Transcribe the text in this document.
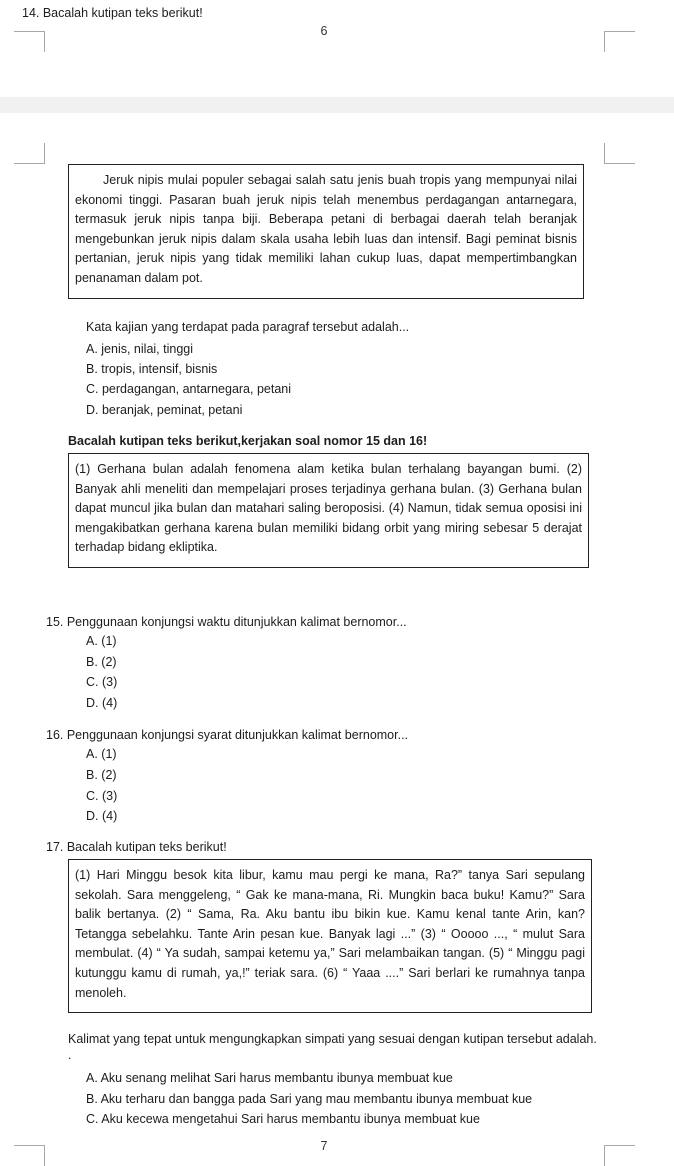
14. Bacalah kutipan teks berikut!
6
Jeruk nipis mulai populer sebagai salah satu jenis buah tropis yang mempunyai nilai ekonomi tinggi. Pasaran buah jeruk nipis telah menembus perdagangan antarnegara, termasuk jeruk nipis tanpa biji. Beberapa petani di berbagai daerah telah beranjak mengebunkan jeruk nipis dalam skala usaha lebih luas dan intensif. Bagi peminat bisnis pertanian, jeruk nipis yang tidak memiliki lahan cukup luas, dapat mempertimbangkan penanaman dalam pot.
Kata kajian yang terdapat pada paragraf tersebut adalah...
A. jenis, nilai, tinggi
B. tropis, intensif, bisnis
C. perdagangan, antarnegara, petani
D. beranjak, peminat, petani
Bacalah kutipan teks berikut,kerjakan soal nomor 15 dan 16!
(1) Gerhana bulan adalah fenomena alam ketika bulan terhalang bayangan bumi. (2) Banyak ahli meneliti dan mempelajari proses terjadinya gerhana bulan. (3) Gerhana bulan dapat muncul jika bulan dan matahari saling beroposisi. (4) Namun, tidak semua oposisi ini mengakibatkan gerhana karena bulan memiliki bidang orbit yang miring sebesar 5 derajat terhadap bidang ekliptika.
15. Penggunaan konjungsi waktu ditunjukkan kalimat bernomor...
A. (1)
B. (2)
C. (3)
D. (4)
16. Penggunaan konjungsi syarat ditunjukkan kalimat bernomor...
A. (1)
B. (2)
C. (3)
D. (4)
17. Bacalah kutipan teks berikut!
(1) Hari Minggu besok kita libur, kamu mau pergi ke mana, Ra?” tanya Sari sepulang sekolah. Sara menggeleng, “ Gak ke mana-mana, Ri. Mungkin baca buku! Kamu?” Sara balik bertanya. (2) “ Sama, Ra. Aku bantu ibu bikin kue. Kamu kenal tante Arin, kan? Tetangga sebelahku. Tante Arin pesan kue. Banyak lagi ...” (3) “ Ooooo ..., “ mulut Sara membulat. (4) “ Ya sudah, sampai ketemu ya,” Sari melambaikan tangan. (5) “ Minggu pagi kutunggu kamu di rumah, ya,!” teriak sara. (6) “ Yaaa ....” Sari berlari ke rumahnya tanpa menoleh.
Kalimat yang tepat untuk mengungkapkan simpati yang sesuai dengan kutipan tersebut adalah.
.
A. Aku senang melihat Sari harus membantu ibunya membuat kue
B. Aku terharu dan bangga pada Sari yang mau membantu ibunya membuat kue
C. Aku kecewa mengetahui Sari harus membantu ibunya membuat kue
7
